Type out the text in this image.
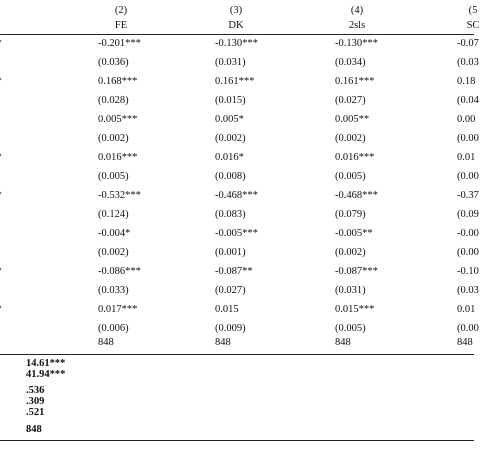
(2)	(3)	(4)	(5
FE	DK	2sls	SC
-0.201***	-0.130***	-0.130***	-0.07
(0.036)	(0.031)	(0.034)	(0.03
0.168***	0.161***	0.161***	0.18
(0.028)	(0.015)	(0.027)	(0.04
0.005***	0.005*	0.005**	0.00
(0.002)	(0.002)	(0.002)	(0.00
0.016***	0.016*	0.016***	0.01
(0.005)	(0.008)	(0.005)	(0.00
-0.532***	-0.468***	-0.468***	-0.37
(0.124)	(0.083)	(0.079)	(0.09
-0.004*	-0.005***	-0.005**	-0.00
(0.002)	(0.001)	(0.002)	(0.00
-0.086***	-0.087**	-0.087***	-0.10
(0.033)	(0.027)	(0.031)	(0.03
0.017***	0.015	0.015***	0.01
(0.006)	(0.009)	(0.005)	(0.00
848	848	848	848
14.61***
41.94***
.536
.309
.521
848
